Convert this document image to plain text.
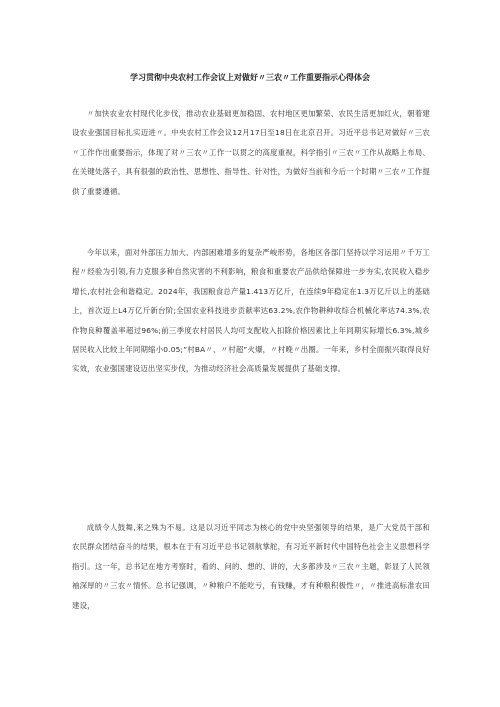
学习贯彻中央农村工作会议上对做好〃三农〃工作重要指示心得体会

〃加快农业农村现代化步伐，推动农业基础更加稳固、农村地区更加繁荣、农民生活更加红火，朝着建设农业强国目标扎实迈进〃。中央农村工作会议12月17日至18日在北京召开。习近平总书记对做好〃三农〃工作作出重要指示，体现了对〃三农〃工作一以贯之的高度重视，科学指引〃三农〃工作从战略上布局、在关键处落子，具有很强的政治性、思想性、指导性、针对性，为做好当前和今后一个时期〃三农〃工作提供了重要遵循。

今年以来，面对外部压力加大、内部困难增多的复杂严峻形势，各地区各部门坚持以学习运用〃千万工程〃经验为引领,有力克服多种自然灾害的不利影响，粮食和重要农产品供给保障进一步夯实,农民收入稳步增长,农村社会和谐稳定。2024年，我国粮食总产量1.413万亿斤，在连续9年稳定在1.3万亿斤以上的基础上，首次迈上L4万亿斤新台阶;全国农业科技进步贡献率达63.2%,农作物耕种收综合机械化率达74.3%,农作物良种覆盖率超过96%;前三季度农村居民人均可支配收入扣除价格因素比上年同期实际增长6.3%,城乡居民收入比较上年同期缩小0.05;”村BA〃、〃村超”火爆，〃村晚〃出圈。一年来，乡村全面振兴取得良好实效，农业强国建设迈出坚实步伐，为推动经济社会高质量发展提供了基础支撑。

成绩令人鼓舞,来之殊为不易。这是以习近平同志为核心的党中央坚强领导的结果，是广大党员干部和农民群众团结奋斗的结果，根本在于有习近平总书记领航掌舵，有习近平新时代中国特色社会主义思想科学指引。这一年，总书记在地方考察时，看的、问的、想的、讲的，大多都涉及〃三农〃主题，彰显了人民领袖深厚的〃三农〃情怀。总书记强调，〃种粮户不能吃亏，有钱赚，才有种粮积极性〃，〃推进高标准农田建设，
